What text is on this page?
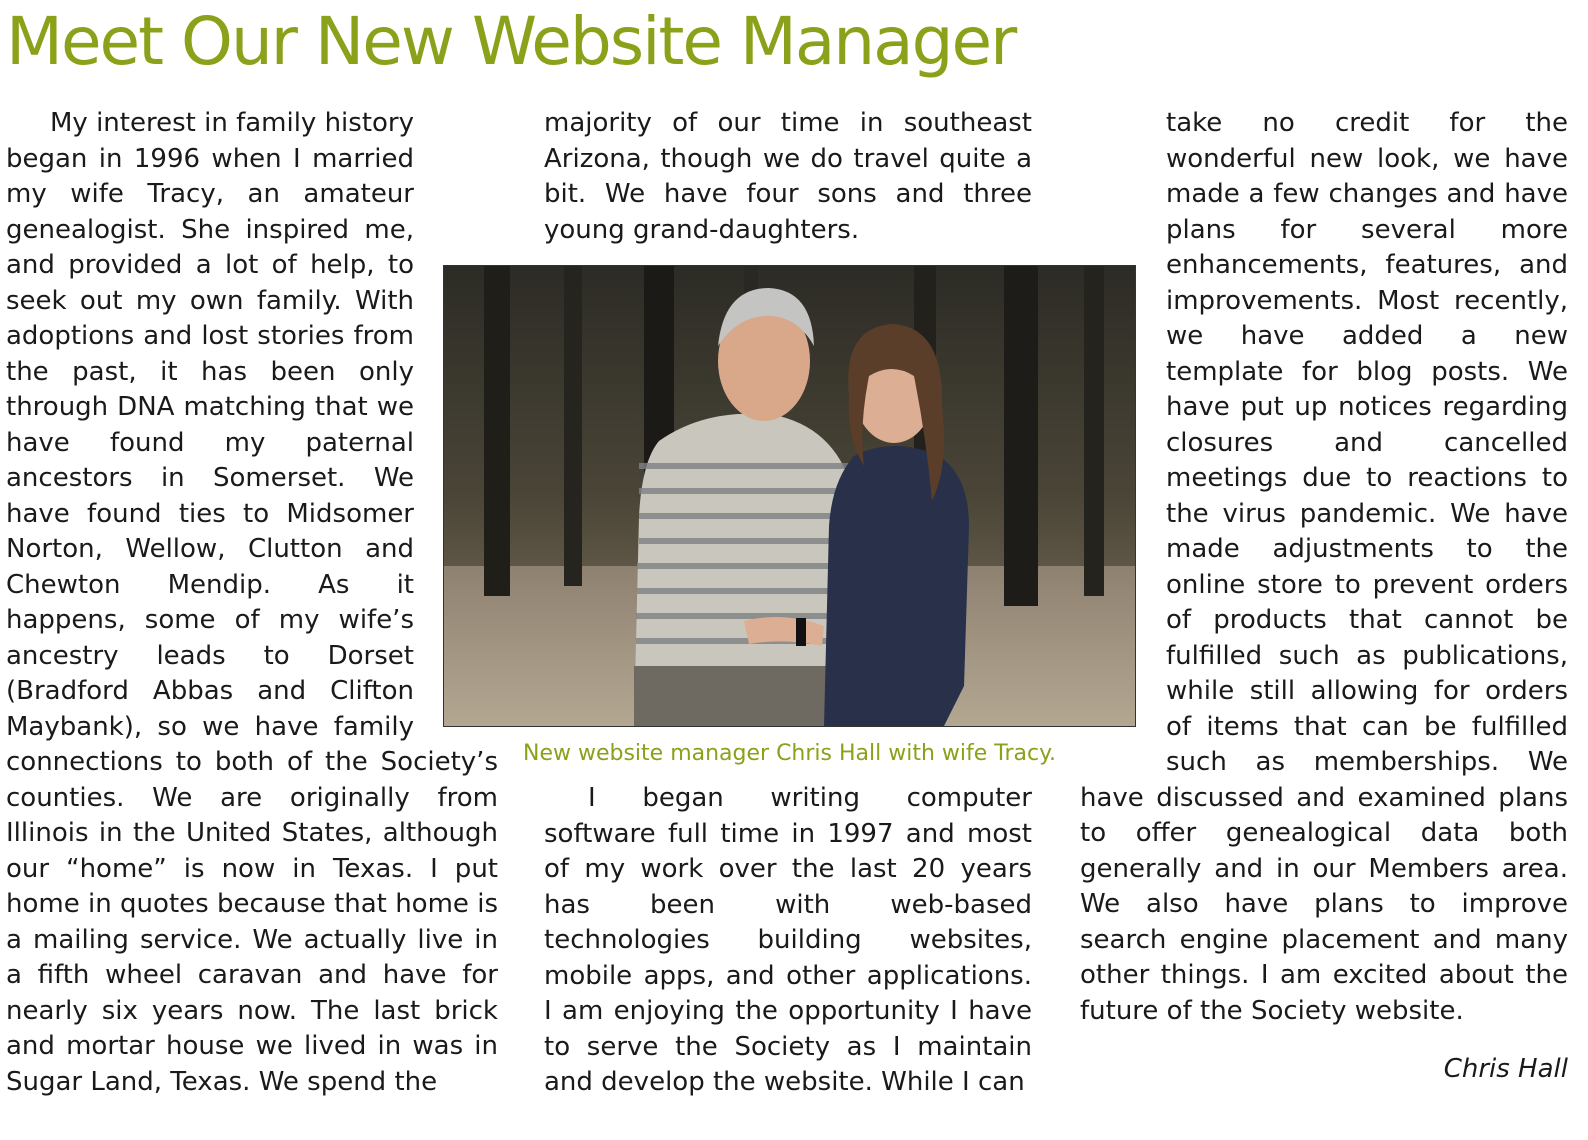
Meet Our New Website Manager

My interest in family history began in 1996 when I married my wife Tracy, an amateur genealogist. She inspired me, and provided a lot of help, to seek out my own family. With adoptions and lost stories from the past, it has been only through DNA matching that we have found my paternal ancestors in Somerset. We have found ties to Midsomer Norton, Wellow, Clutton and Chewton Mendip. As it happens, some of my wife’s ancestry leads to Dorset (Bradford Abbas and Clifton Maybank), so we have family connections to both of the Society’s counties. We are originally from Illinois in the United States, although our “home” is now in Texas. I put home in quotes because that home is a mailing service. We actually live in a fifth wheel caravan and have for nearly six years now. The last brick and mortar house we lived in was in Sugar Land, Texas. We spend the

majority of our time in southeast Arizona, though we do travel quite a bit. We have four sons and three young grand-daughters.

New website manager Chris Hall with wife Tracy.

I began writing computer software full time in 1997 and most of my work over the last 20 years has been with web-based technologies building websites, mobile apps, and other applications. I am enjoying the opportunity I have to serve the Society as I maintain and develop the website. While I can

take no credit for the wonderful new look, we have made a few changes and have plans for several more enhancements, features, and improvements. Most recently, we have added a new template for blog posts. We have put up notices regarding closures and cancelled meetings due to reactions to the virus pandemic. We have made adjustments to the online store to prevent orders of products that cannot be fulfilled such as publications, while still allowing for orders of items that can be fulfilled such as memberships. We have discussed and examined plans to offer genealogical data both generally and in our Members area. We also have plans to improve search engine placement and many other things. I am excited about the future of the Society website.

Chris Hall
